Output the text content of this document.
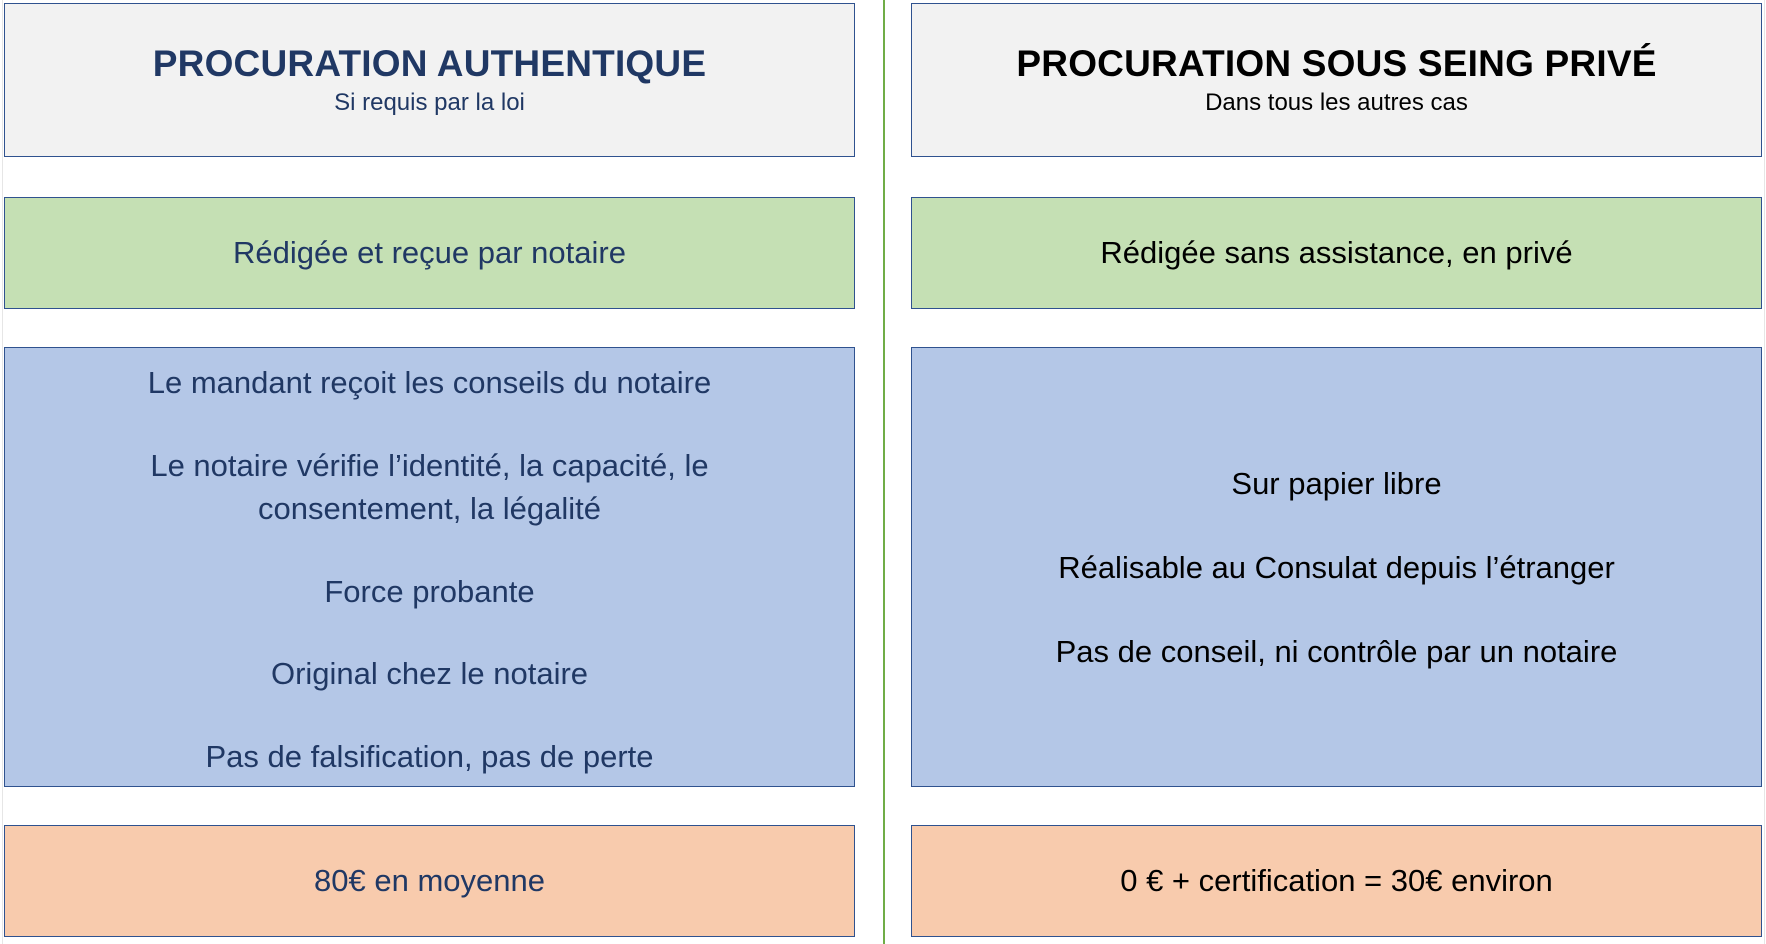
PROCURATION AUTHENTIQUE
Si requis par la loi
Rédigée et reçue par notaire
Le mandant reçoit les conseils du notaire
Le notaire vérifie l’identité, la capacité, le consentement, la légalité
Force probante
Original chez le notaire
Pas de falsification, pas de perte
80€ en moyenne
PROCURATION SOUS SEING PRIVÉ
Dans tous les autres cas
Rédigée sans assistance, en privé
Sur papier libre
Réalisable au Consulat depuis l’étranger
Pas de conseil, ni contrôle par un notaire
0 € + certification = 30€ environ
